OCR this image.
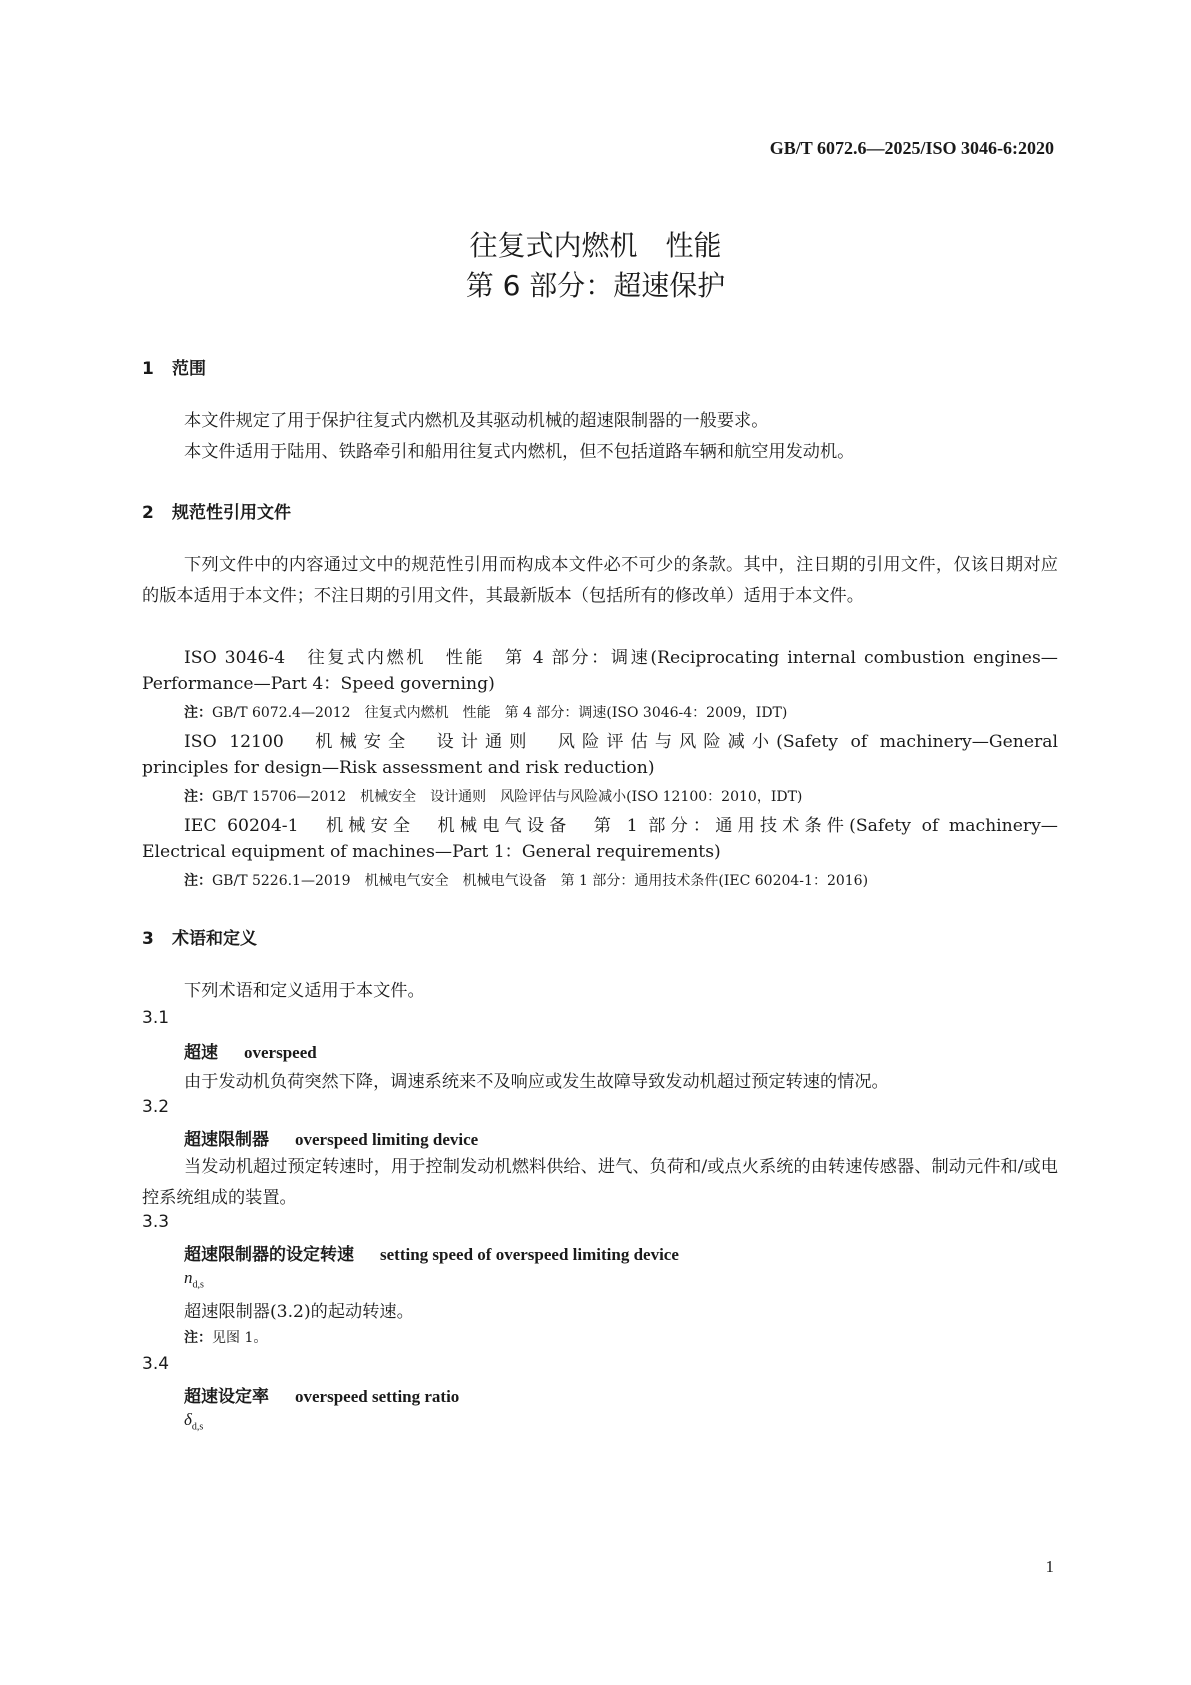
GB/T 6072.6—2025/ISO 3046-6:2020
往复式内燃机　性能
第 6 部分：超速保护
1 范围
本文件规定了用于保护往复式内燃机及其驱动机械的超速限制器的一般要求。
本文件适用于陆用、铁路牵引和船用往复式内燃机，但不包括道路车辆和航空用发动机。
2 规范性引用文件
下列文件中的内容通过文中的规范性引用而构成本文件必不可少的条款。其中，注日期的引用文件，仅该日期对应的版本适用于本文件；不注日期的引用文件，其最新版本（包括所有的修改单）适用于本文件。
ISO 3046-4　往复式内燃机　性能　第 4 部分：调速(Reciprocating internal combustion engines—
Performance—Part 4：Speed governing)
注：GB/T 6072.4—2012　往复式内燃机　性能　第 4 部分：调速(ISO 3046-4：2009，IDT)
ISO 12100　机械安全　设计通则　风险评估与风险减小(Safety of machinery—General
principles for design—Risk assessment and risk reduction)
注：GB/T 15706—2012　机械安全　设计通则　风险评估与风险减小(ISO 12100：2010，IDT)
IEC 60204-1　机械安全　机械电气设备　第 1 部分：通用技术条件(Safety of machinery—
Electrical equipment of machines—Part 1：General requirements)
注：GB/T 5226.1—2019　机械电气安全　机械电气设备　第 1 部分：通用技术条件(IEC 60204-1：2016)
3 术语和定义
下列术语和定义适用于本文件。
3.1
超速 overspeed
由于发动机负荷突然下降，调速系统来不及响应或发生故障导致发动机超过预定转速的情况。
3.2
超速限制器 overspeed limiting device
当发动机超过预定转速时，用于控制发动机燃料供给、进气、负荷和/或点火系统的由转速传感器、制动元件和/或电控系统组成的装置。
3.3
超速限制器的设定转速 setting speed of overspeed limiting device
$n_{d,s}$
超速限制器(3.2)的起动转速。
注：见图 1。
3.4
超速设定率 overspeed setting ratio
$\delta_{d,s}$
1
